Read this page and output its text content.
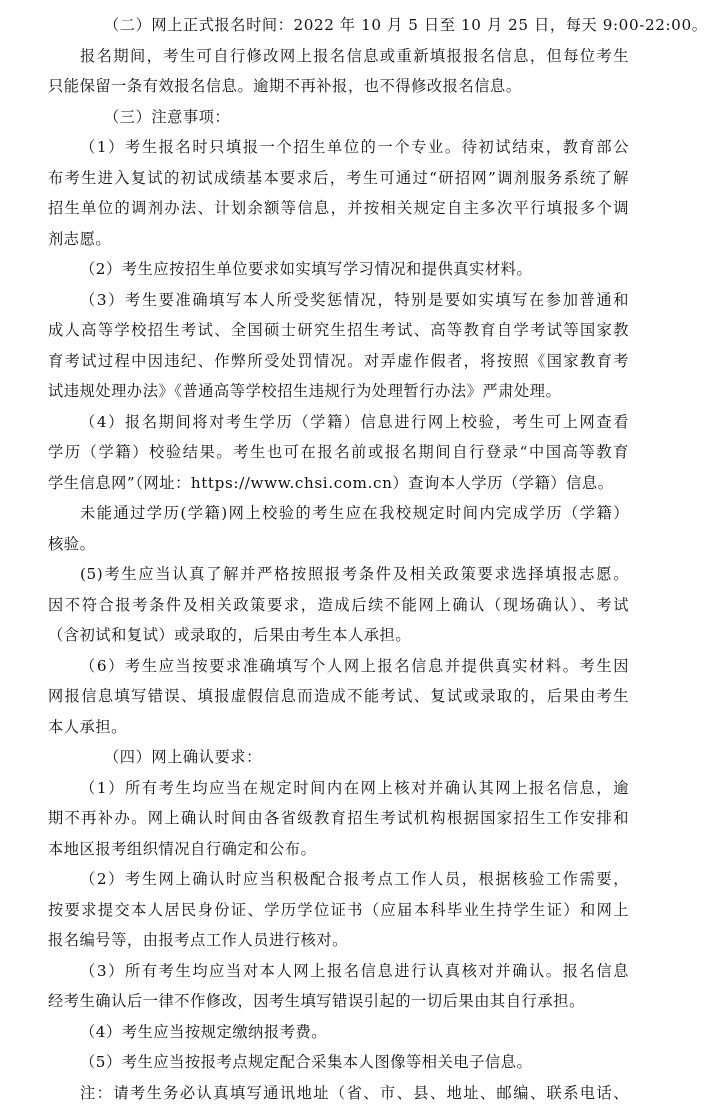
（二）网上正式报名时间：2022 年 10 月 5 日至 10 月 25 日，每天 9:00-22:00。
报名期间，考生可自行修改网上报名信息或重新填报报名信息，但每位考生
只能保留一条有效报名信息。逾期不再补报，也不得修改报名信息。
（三）注意事项：
（1）考生报名时只填报一个招生单位的一个专业。待初试结束，教育部公
布考生进入复试的初试成绩基本要求后，考生可通过“研招网”调剂服务系统了解
招生单位的调剂办法、计划余额等信息，并按相关规定自主多次平行填报多个调
剂志愿。
（2）考生应按招生单位要求如实填写学习情况和提供真实材料。
（3）考生要准确填写本人所受奖惩情况，特别是要如实填写在参加普通和
成人高等学校招生考试、全国硕士研究生招生考试、高等教育自学考试等国家教
育考试过程中因违纪、作弊所受处罚情况。对弄虚作假者，将按照《国家教育考
试违规处理办法》《普通高等学校招生违规行为处理暂行办法》严肃处理。
（4）报名期间将对考生学历（学籍）信息进行网上校验，考生可上网查看
学历（学籍）校验结果。考生也可在报名前或报名期间自行登录“中国高等教育
学生信息网”（网址：https://www.chsi.com.cn）查询本人学历（学籍）信息。
未能通过学历(学籍)网上校验的考生应在我校规定时间内完成学历（学籍）
核验。
(5)考生应当认真了解并严格按照报考条件及相关政策要求选择填报志愿。
因不符合报考条件及相关政策要求，造成后续不能网上确认（现场确认）、考试
（含初试和复试）或录取的，后果由考生本人承担。
（6）考生应当按要求准确填写个人网上报名信息并提供真实材料。考生因
网报信息填写错误、填报虚假信息而造成不能考试、复试或录取的，后果由考生
本人承担。
（四）网上确认要求：
（1）所有考生均应当在规定时间内在网上核对并确认其网上报名信息，逾
期不再补办。网上确认时间由各省级教育招生考试机构根据国家招生工作安排和
本地区报考组织情况自行确定和公布。
（2）考生网上确认时应当积极配合报考点工作人员，根据核验工作需要，
按要求提交本人居民身份证、学历学位证书（应届本科毕业生持学生证）和网上
报名编号等，由报考点工作人员进行核对。
（3）所有考生均应当对本人网上报名信息进行认真核对并确认。报名信息
经考生确认后一律不作修改，因考生填写错误引起的一切后果由其自行承担。
（4）考生应当按规定缴纳报考费。
（5）考生应当按报考点规定配合采集本人图像等相关电子信息。
注：请考生务必认真填写通讯地址（省、市、县、地址、邮编、联系电话、
